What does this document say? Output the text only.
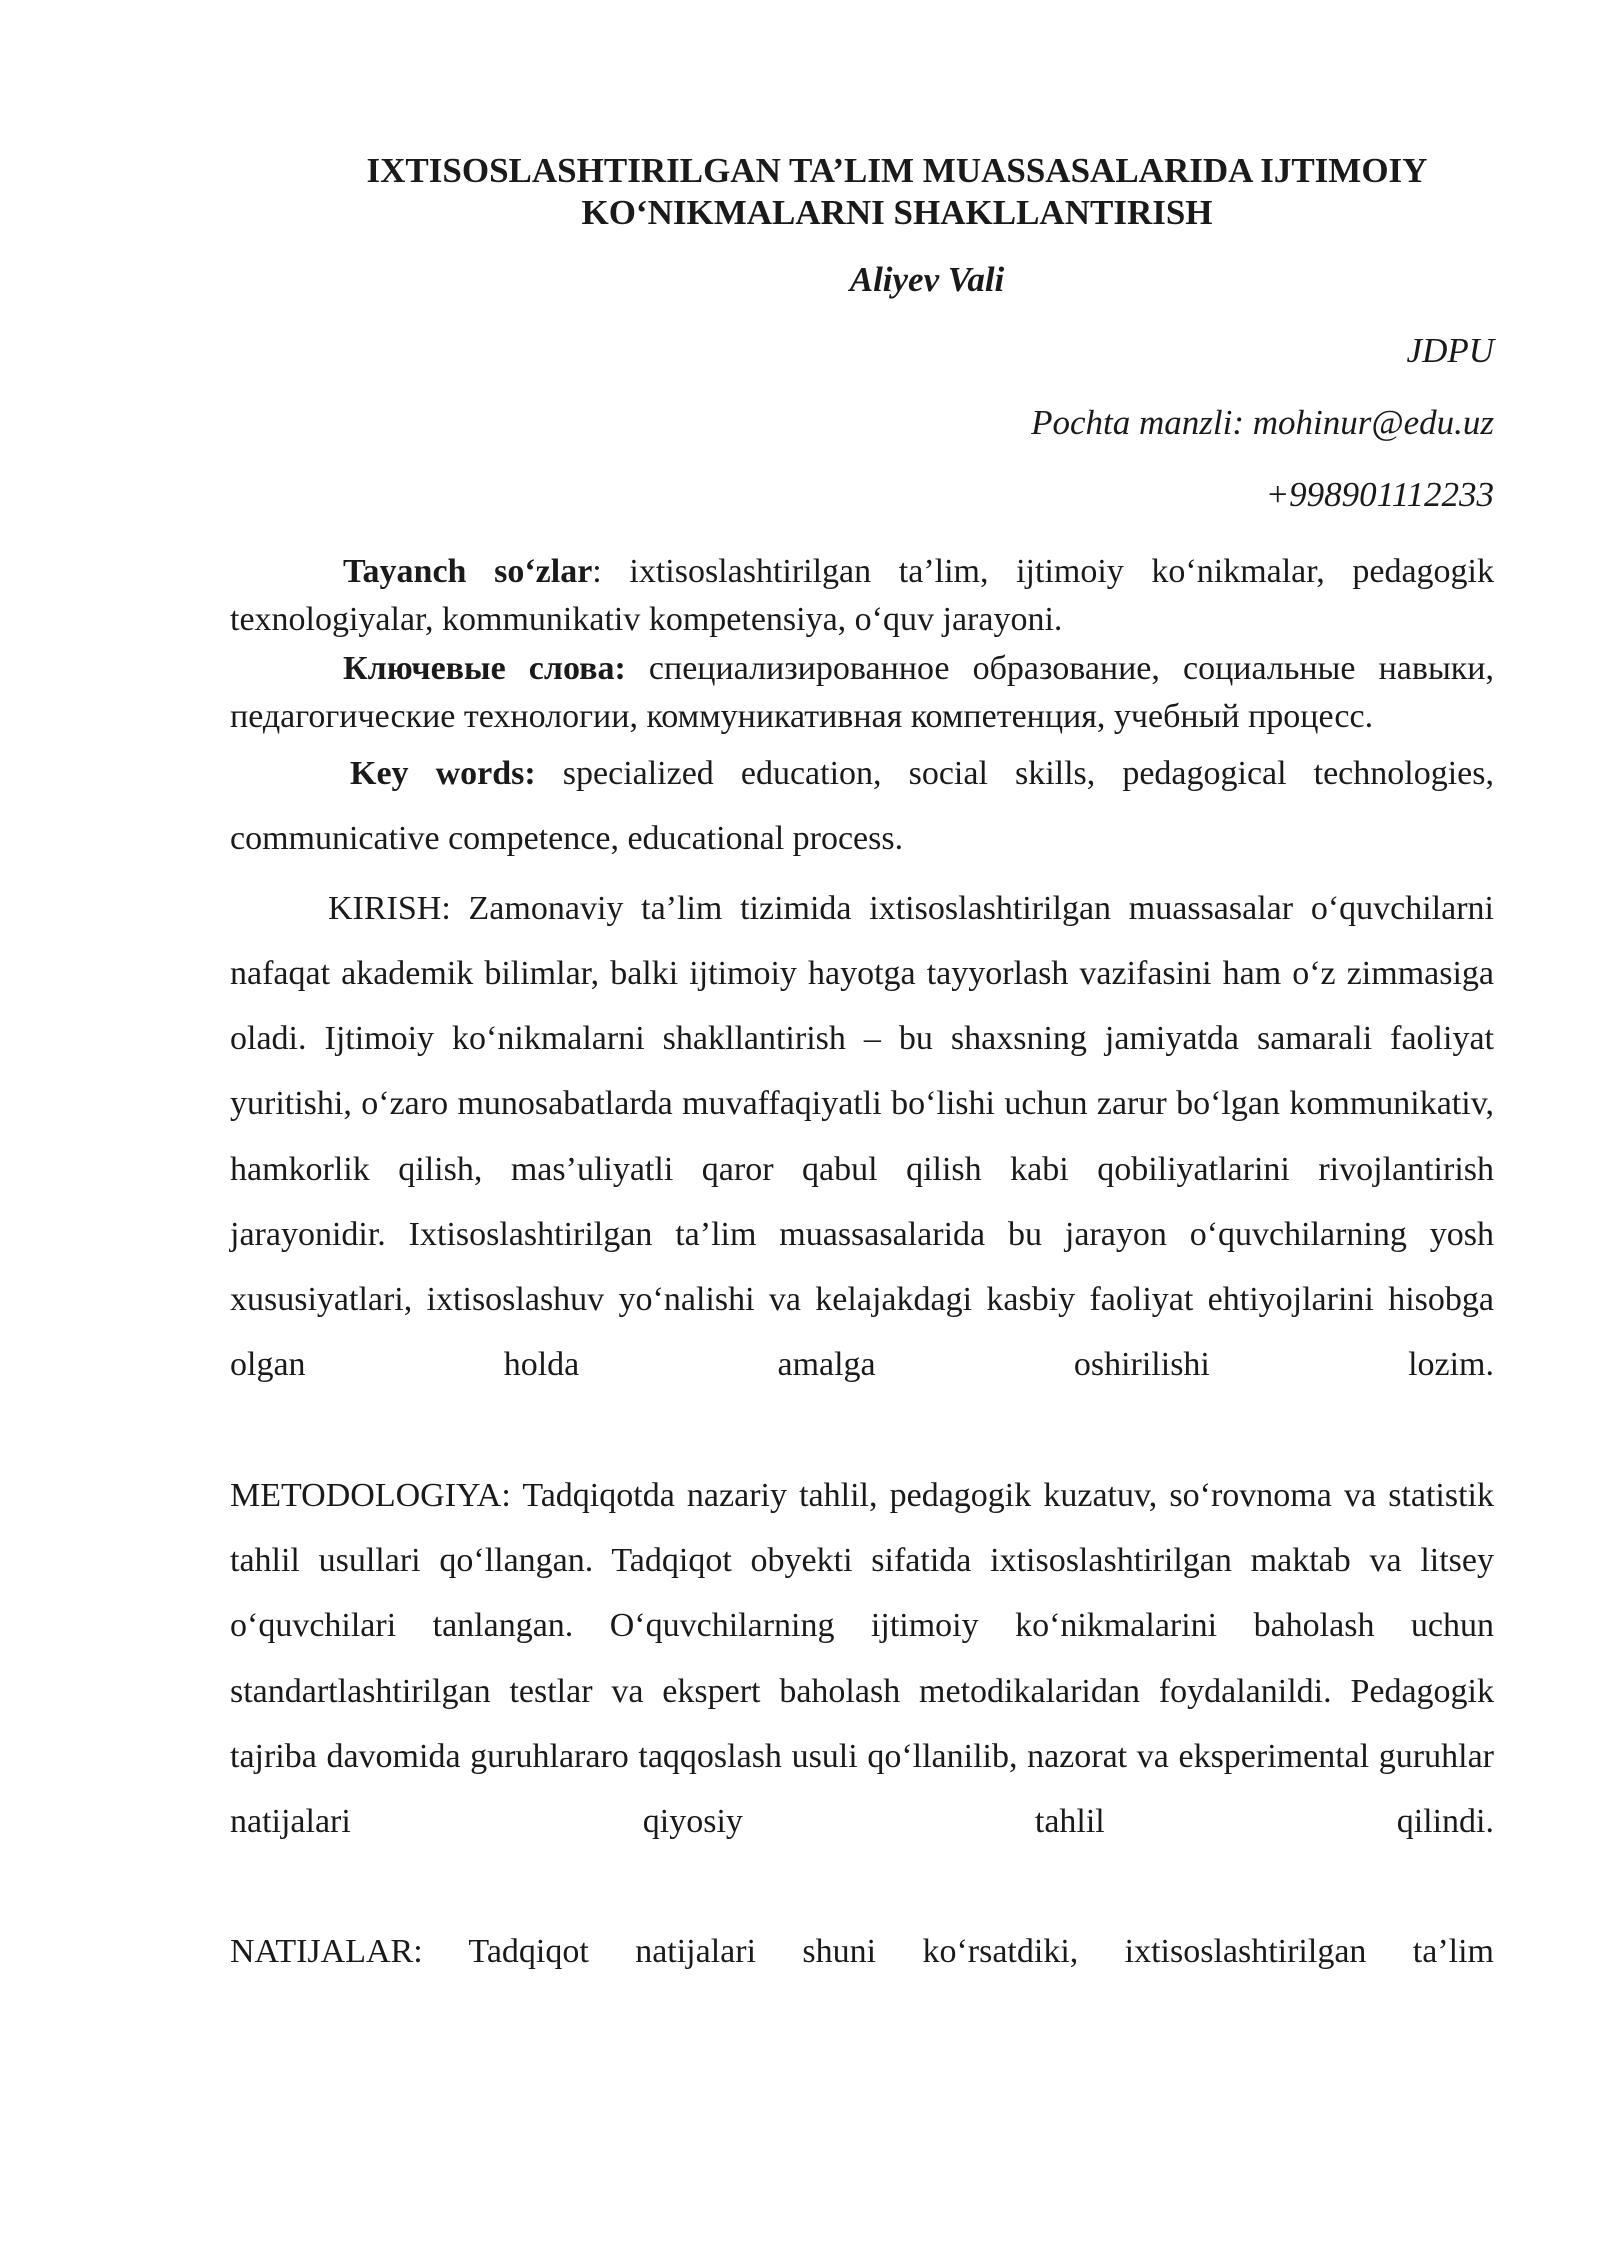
IXTISOSLASHTIRILGAN TA’LIM MUASSASALARIDA IJTIMOIY
KO‘NIKMALARNI SHAKLLANTIRISH
Aliyev Vali
JDPU
Pochta manzli: mohinur@edu.uz
+998901112233

Tayanch so‘zlar: ixtisoslashtirilgan ta’lim, ijtimoiy ko‘nikmalar, pedagogik texnologiyalar, kommunikativ kompetensiya, o‘quv jarayoni.

Ключевые слова: специализированное образование, социальные навыки, педагогические технологии, коммуникативная компетенция, учебный процесс.

Key words: specialized education, social skills, pedagogical technologies, communicative competence, educational process.

KIRISH: Zamonaviy ta’lim tizimida ixtisoslashtirilgan muassasalar o‘quvchilarni nafaqat akademik bilimlar, balki ijtimoiy hayotga tayyorlash vazifasini ham o‘z zimmasiga oladi. Ijtimoiy ko‘nikmalarni shakllantirish – bu shaxsning jamiyatda samarali faoliyat yuritishi, o‘zaro munosabatlarda muvaffaqiyatli bo‘lishi uchun zarur bo‘lgan kommunikativ, hamkorlik qilish, mas’uliyatli qaror qabul qilish kabi qobiliyatlarini rivojlantirish jarayonidir. Ixtisoslashtirilgan ta’lim muassasalarida bu jarayon o‘quvchilarning yosh xususiyatlari, ixtisoslashuv yo‘nalishi va kelajakdagi kasbiy faoliyat ehtiyojlarini hisobga olgan holda amalga oshirilishi lozim.

METODOLOGIYA: Tadqiqotda nazariy tahlil, pedagogik kuzatuv, so‘rovnoma va statistik tahlil usullari qo‘llangan. Tadqiqot obyekti sifatida ixtisoslashtirilgan maktab va litsey o‘quvchilari tanlangan. O‘quvchilarning ijtimoiy ko‘nikmalarini baholash uchun standartlashtirilgan testlar va ekspert baholash metodikalaridan foydalanildi. Pedagogik tajriba davomida guruhlararo taqqoslash usuli qo‘llanilib, nazorat va eksperimental guruhlar natijalari qiyosiy tahlil qilindi.

NATIJALAR: Tadqiqot natijalari shuni ko‘rsatdiki, ixtisoslashtirilgan ta’lim
